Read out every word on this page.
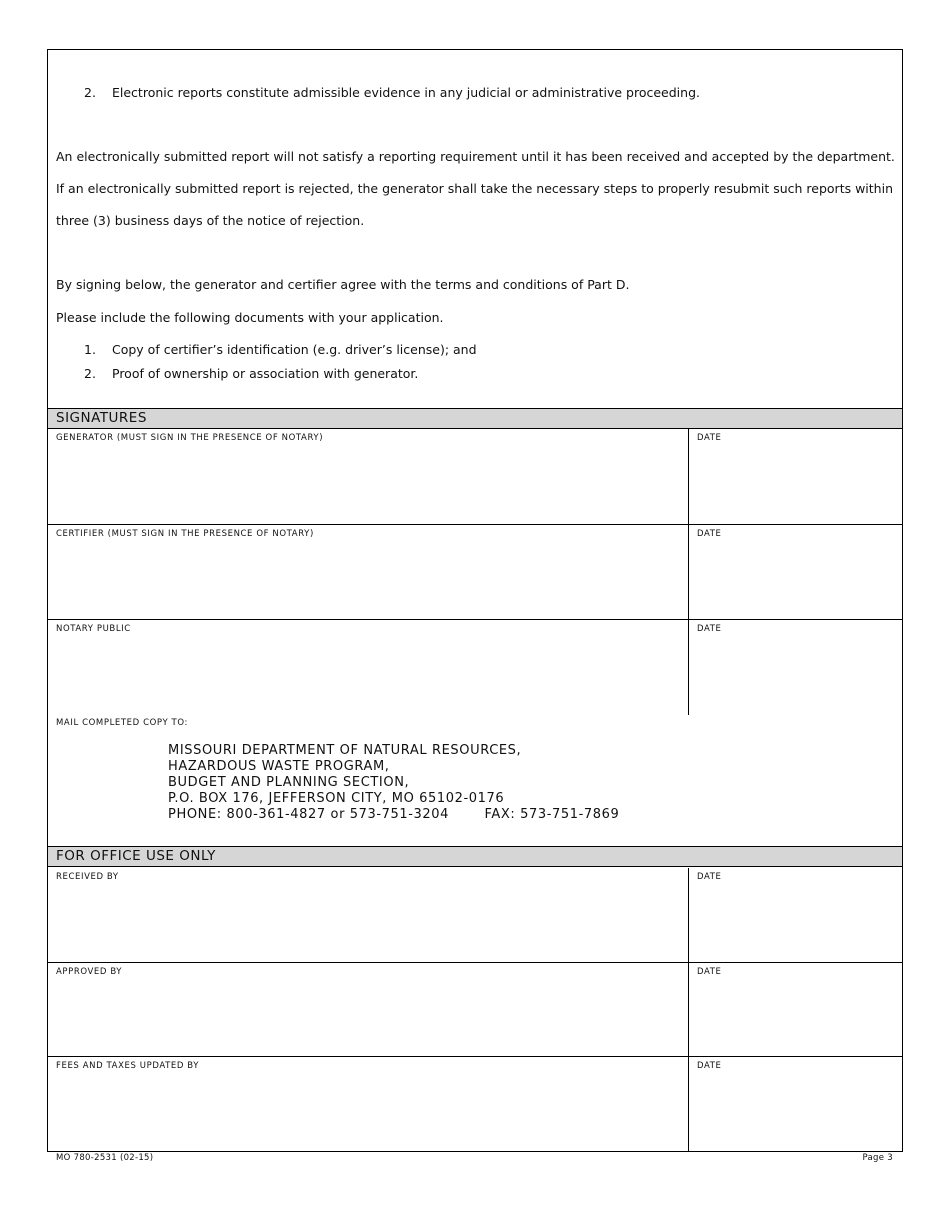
2. Electronic reports constitute admissible evidence in any judicial or administrative proceeding.
An electronically submitted report will not satisfy a reporting requirement until it has been received and accepted by the department.
If an electronically submitted report is rejected, the generator shall take the necessary steps to properly resubmit such reports within
three (3) business days of the notice of rejection.
By signing below, the generator and certifier agree with the terms and conditions of Part D.
Please include the following documents with your application.
1. Copy of certifier’s identification (e.g. driver’s license); and
2. Proof of ownership or association with generator.
SIGNATURES
GENERATOR (MUST SIGN IN THE PRESENCE OF NOTARY)	DATE
CERTIFIER (MUST SIGN IN THE PRESENCE OF NOTARY)	DATE
NOTARY PUBLIC	DATE
MAIL COMPLETED COPY TO:
MISSOURI DEPARTMENT OF NATURAL RESOURCES,
HAZARDOUS WASTE PROGRAM,
BUDGET AND PLANNING SECTION,
P.O. BOX 176, JEFFERSON CITY, MO 65102-0176
PHONE: 800-361-4827 or 573-751-3204	FAX: 573-751-7869
FOR OFFICE USE ONLY
RECEIVED BY	DATE
APPROVED BY	DATE
FEES AND TAXES UPDATED BY	DATE
MO 780-2531 (02-15)	Page 3
